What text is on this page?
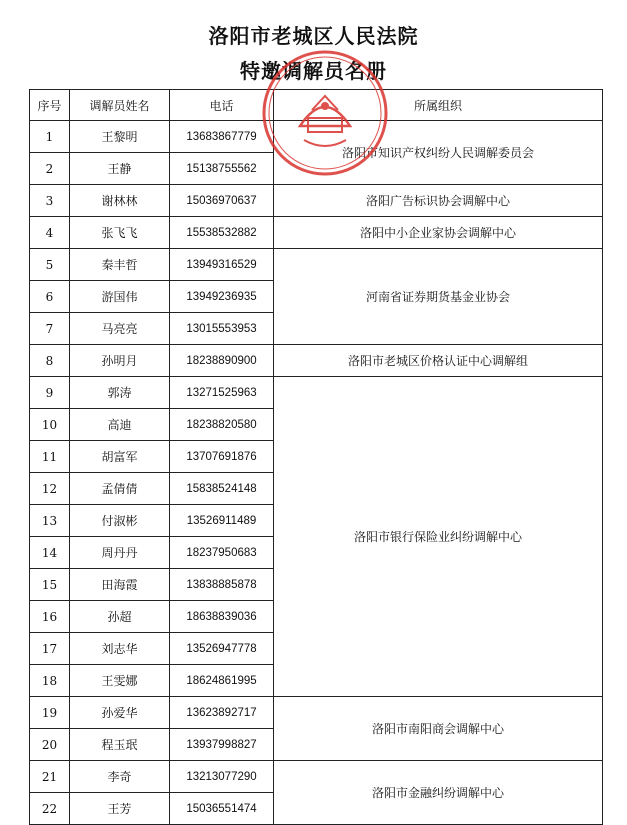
洛阳市老城区人民法院
特邀调解员名册
序号	调解员姓名	电话	所属组织
1	王黎明	13683867779	洛阳市知识产权纠纷人民调解委员会
2	王静	15138755562	
3	谢林林	15036970637	洛阳广告标识协会调解中心
4	张飞飞	15538532882	洛阳中小企业家协会调解中心
5	秦丰哲	13949316529	河南省证券期货基金业协会
6	游国伟	13949236935	
7	马亮亮	13015553953	
8	孙明月	18238890900	洛阳市老城区价格认证中心调解组
9	郭涛	13271525963	洛阳市银行保险业纠纷调解中心
10	高迪	18238820580	
11	胡富军	13707691876	
12	孟倩倩	15838524148	
13	付淑彬	13526911489	
14	周丹丹	18237950683	
15	田海霞	13838885878	
16	孙超	18638839036	
17	刘志华	13526947778	
18	王雯娜	18624861995	
19	孙爱华	13623892717	洛阳市南阳商会调解中心
20	程玉珉	13937998827	
21	李奇	13213077290	洛阳市金融纠纷调解中心
22	王芳	15036551474	
